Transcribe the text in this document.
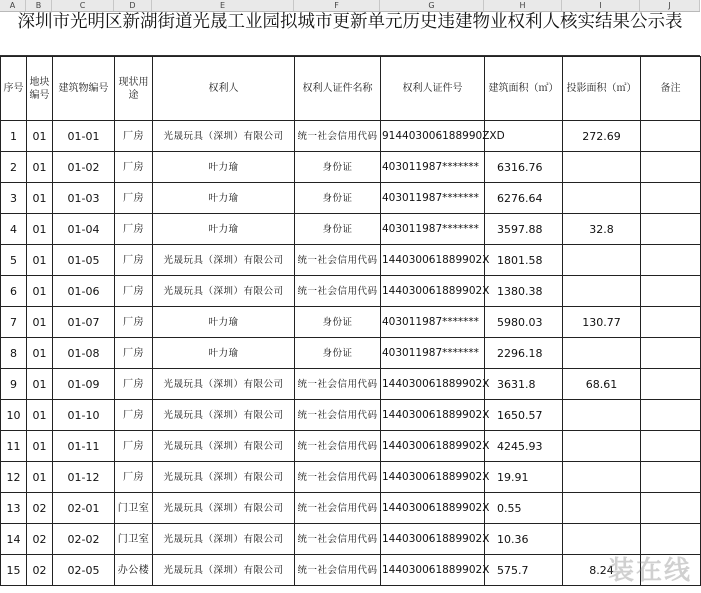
A	B	C	D	E	F	G	H	I	J
深圳市光明区新湖街道光晟工业园拟城市更新单元历史违建物业权利人核实结果公示表
序号	地块编号	建筑物编号	现状用途	权利人	权利人证件名称	权利人证件号	建筑面积（㎡）	投影面积（㎡）	备注
1	01	01-01	厂房	光晟玩具（深圳）有限公司	统一社会信用代码	914403006188990ZXD		272.69	
2	01	01-02	厂房	叶力瑜	身份证	403011987*******	6316.76		
3	01	01-03	厂房	叶力瑜	身份证	403011987*******	6276.64		
4	01	01-04	厂房	叶力瑜	身份证	403011987*******	3597.88	32.8	
5	01	01-05	厂房	光晟玩具（深圳）有限公司	统一社会信用代码	144030061889902X	1801.58		
6	01	01-06	厂房	光晟玩具（深圳）有限公司	统一社会信用代码	144030061889902X	1380.38		
7	01	01-07	厂房	叶力瑜	身份证	403011987*******	5980.03	130.77	
8	01	01-08	厂房	叶力瑜	身份证	403011987*******	2296.18		
9	01	01-09	厂房	光晟玩具（深圳）有限公司	统一社会信用代码	144030061889902X	3631.8	68.61	
10	01	01-10	厂房	光晟玩具（深圳）有限公司	统一社会信用代码	144030061889902X	1650.57		
11	01	01-11	厂房	光晟玩具（深圳）有限公司	统一社会信用代码	144030061889902X	4245.93		
12	01	01-12	厂房	光晟玩具（深圳）有限公司	统一社会信用代码	144030061889902X	19.91		
13	02	02-01	门卫室	光晟玩具（深圳）有限公司	统一社会信用代码	144030061889902X	0.55		
14	02	02-02	门卫室	光晟玩具（深圳）有限公司	统一社会信用代码	144030061889902X	10.36		
15	02	02-05	办公楼	光晟玩具（深圳）有限公司	统一社会信用代码	144030061889902X	575.7	8.24	
装在线
